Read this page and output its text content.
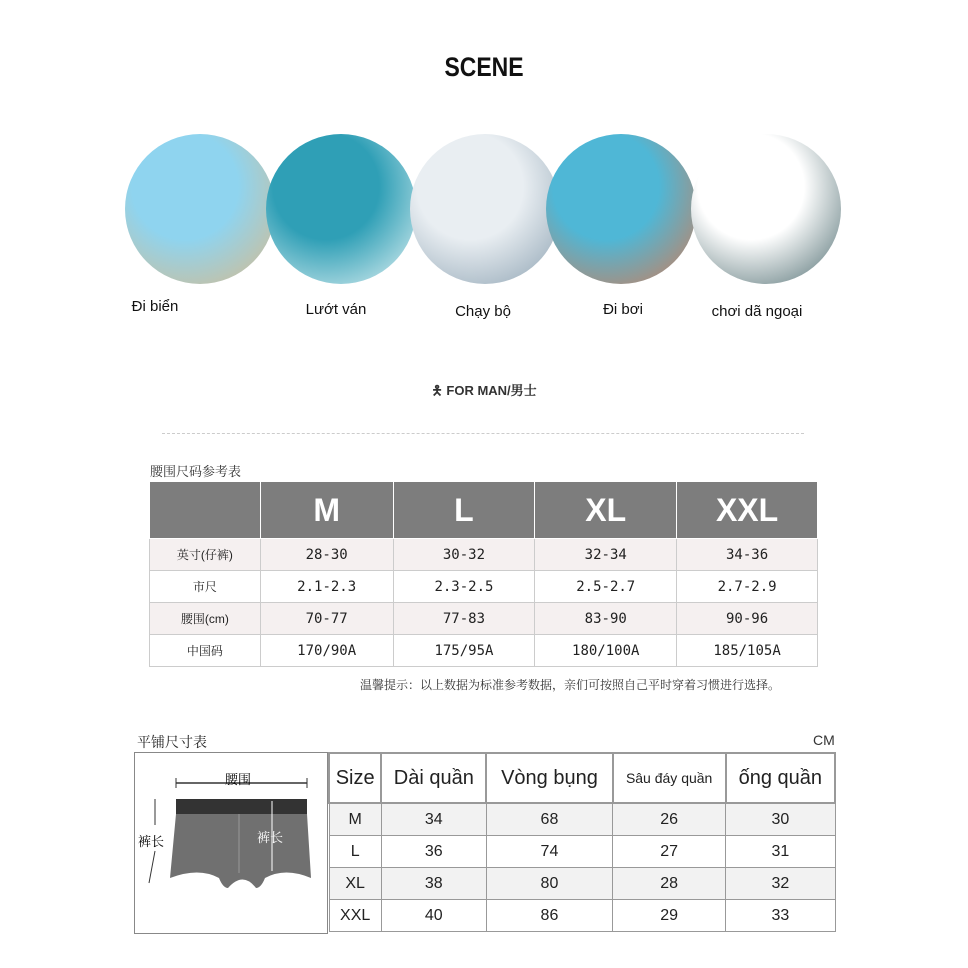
SCENE
Đi biển	Lướt ván	Chạy bộ	Đi bơi	chơi dã ngoại
🯅 FOR MAN/男士
腰围尺码参考表
	M	L	XL	XXL
英寸(仔裤)	28-30	30-32	32-34	34-36
市尺	2.1-2.3	2.3-2.5	2.5-2.7	2.7-2.9
腰围(cm)	70-77	77-83	83-90	90-96
中国码	170/90A	175/95A	180/100A	185/105A
温馨提示：以上数据为标准参考数据，亲们可按照自己平时穿着习惯进行选择。
平铺尺寸表	CM
腰围
裤长	裤长
Size	Dài quần	Vòng bụng	Sâu đáy quần	ống quần
M	34	68	26	30
L	36	74	27	31
XL	38	80	28	32
XXL	40	86	29	33
